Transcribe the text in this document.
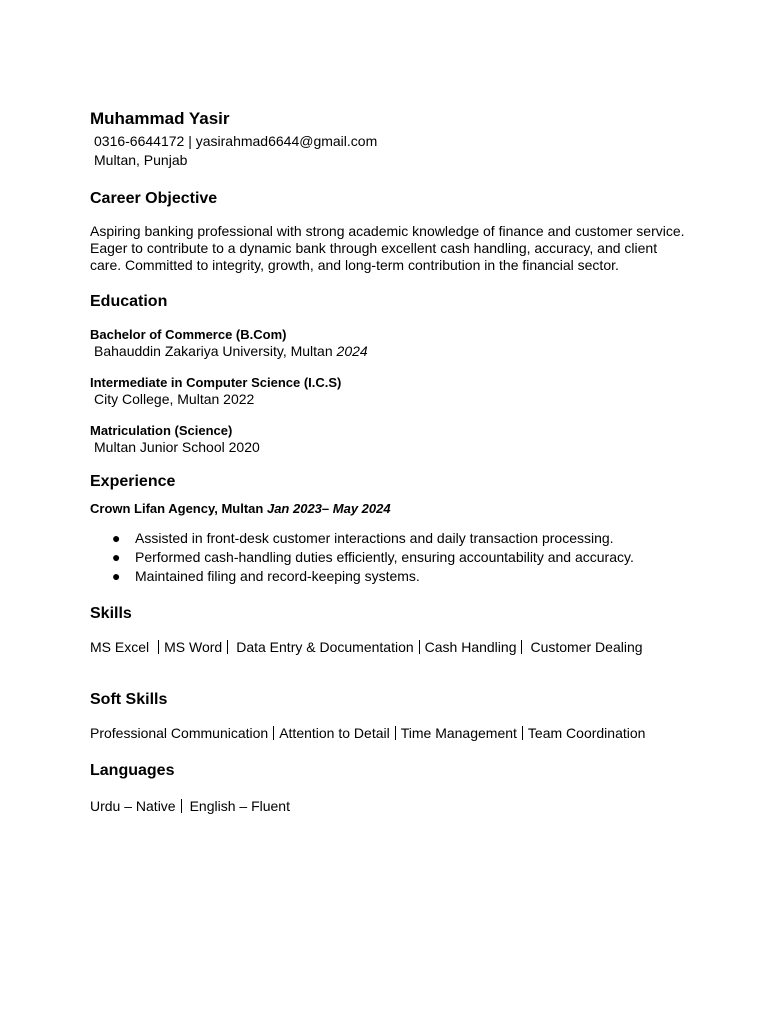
Muhammad Yasir

0316-6644172 | yasirahmad6644@gmail.com

Multan, Punjab

Career Objective

Aspiring banking professional with strong academic knowledge of finance and customer service.

Eager to contribute to a dynamic bank through excellent cash handling, accuracy, and client

care. Committed to integrity, growth, and long-term contribution in the financial sector.

Education

Bachelor of Commerce (B.Com)

Bahauddin Zakariya University, Multan 2024

Intermediate in Computer Science (I.C.S)

City College, Multan 2022

Matriculation (Science)

Multan Junior School 2020

Experience

Crown Lifan Agency, Multan Jan 2023– May 2024

● Assisted in front-desk customer interactions and daily transaction processing.
● Performed cash-handling duties efficiently, ensuring accountability and accuracy.
● Maintained filing and record-keeping systems.
Skills

MS Excel MS Word Data Entry & Documentation Cash Handling Customer Dealing

Soft Skills

Professional Communication Attention to Detail Time Management Team Coordination

Languages

Urdu – Native English – Fluent
